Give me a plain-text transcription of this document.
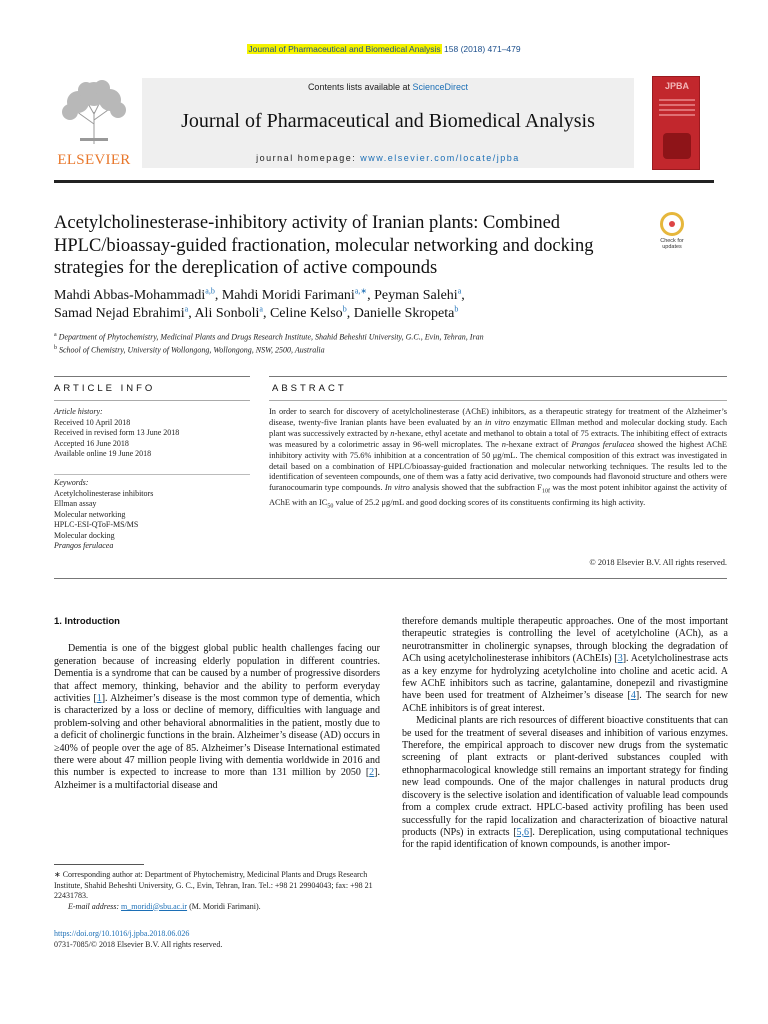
Journal of Pharmaceutical and Biomedical Analysis 158 (2018) 471–479
ELSEVIER
Contents lists available at ScienceDirect
Journal of Pharmaceutical and Biomedical Analysis
journal homepage: www.elsevier.com/locate/jpba
JPBA
Acetylcholinesterase-inhibitory activity of Iranian plants: Combined HPLC/bioassay-guided fractionation, molecular networking and docking strategies for the dereplication of active compounds
Check for
updates
Mahdi Abbas-Mohammadi$^{a,b}$, Mahdi Moridi Farimani$^{a,∗}$, Peyman Salehi$^a$,
Samad Nejad Ebrahimi$^a$, Ali Sonboli$^a$, Celine Kelso$^b$, Danielle Skropeta$^b$
$^a$ Department of Phytochemistry, Medicinal Plants and Drugs Research Institute, Shahid Beheshti University, G.C., Evin, Tehran, Iran
$^b$ School of Chemistry, University of Wollongong, Wollongong, NSW, 2500, Australia
ARTICLE INFO	ABSTRACT
Article history:
Received 10 April 2018
Received in revised form 13 June 2018
Accepted 16 June 2018
Available online 19 June 2018
Keywords:
Acetylcholinesterase inhibitors
Ellman assay
Molecular networking
HPLC-ESI-QToF-MS/MS
Molecular docking
Prangos ferulacea
In order to search for discovery of acetylcholinesterase (AChE) inhibitors, as a therapeutic strategy for treatment of the Alzheimer’s disease, twenty-five Iranian plants have been evaluated by an in vitro enzymatic Ellman method and molecular docking study. Each plant was successively extracted by n-hexane, ethyl acetate and methanol to obtain a total of 75 extracts. The inhibiting effect of extracts was measured by a colorimetric assay in 96-well microplates. The n-hexane extract of Prangos ferulacea showed the highest AChE inhibitory activity with 75.6% inhibition at a concentration of 50 μg/mL. The chemical composition of this extract was investigated in detail based on a combination of HPLC/bioassay-guided fractionation and molecular networking techniques. The results led to the identification of seventeen compounds, one of them was a fatty acid derivative, two compounds had flavonoid structure and others were furanocoumarin type compounds. In vitro analysis showed that the subfraction $F_{10f}$ was the most potent inhibitor against the activity of AChE with an $IC_{50}$ value of 25.2 μg/mL and good docking scores of its constituents confirming its high activity.
© 2018 Elsevier B.V. All rights reserved.
1. Introduction
Dementia is one of the biggest global public health challenges facing our generation because of increasing elderly population in different countries. Dementia is a syndrome that can be caused by a number of progressive disorders that affect memory, thinking, behavior and the ability to perform everyday activities [1]. Alzheimer’s disease is the most common type of dementia, which is characterized by a loss or decline of memory, difficulties with language and problem-solving and other behavioral abnormalities in the patient, mostly due to a deficit of cholinergic functions in the brain. Alzheimer’s disease (AD) occurs in ≥40% of people over the age of 85. Alzheimer’s Disease International estimated there were about 47 million people living with dementia worldwide in 2016 and this number is expected to increase to more than 131 million by 2050 [2]. Alzheimer is a multifactorial disease and
therefore demands multiple therapeutic approaches. One of the most important therapeutic strategies is controlling the level of acetylcholine (ACh), as a neurotransmitter in cholinergic synapses, through blocking the degradation of ACh using acetylcholinesterase inhibitors (AChEIs) [3]. Acetylcholinestrase acts as a key enzyme for hydrolyzing acetylcholine into choline and acetic acid. A few AChE inhibitors such as tacrine, galantamine, donepezil and rivastigmine have been used for treatment of Alzheimer’s disease [4]. The search for new AChE inhibitors is of great interest.
Medicinal plants are rich resources of different bioactive constituents that can be used for the treatment of several diseases and inhibition of various enzymes. Therefore, the empirical approach to discover new drugs from the systematic screening of plant extracts or plant-derived substances coupled with ethnopharmacological knowledge still remains an important strategy for finding new lead compounds. One of the major challenges in natural products drug discovery is the selective isolation and identification of valuable lead compounds from a complex crude extract. HPLC-based activity profiling has been used successfully for the rapid localization and characterization of bioactive natural products (NPs) in extracts [5,6]. Dereplication, using computational techniques for the rapid identification of known compounds, is another impor-
∗ Corresponding author at: Department of Phytochemistry, Medicinal Plants and Drugs Research Institute, Shahid Beheshti University, G. C., Evin, Tehran, Iran. Tel.: +98 21 29904043; fax: +98 21 22431783.
E-mail address: m_moridi@sbu.ac.ir (M. Moridi Farimani).
https://doi.org/10.1016/j.jpba.2018.06.026
0731-7085/© 2018 Elsevier B.V. All rights reserved.
